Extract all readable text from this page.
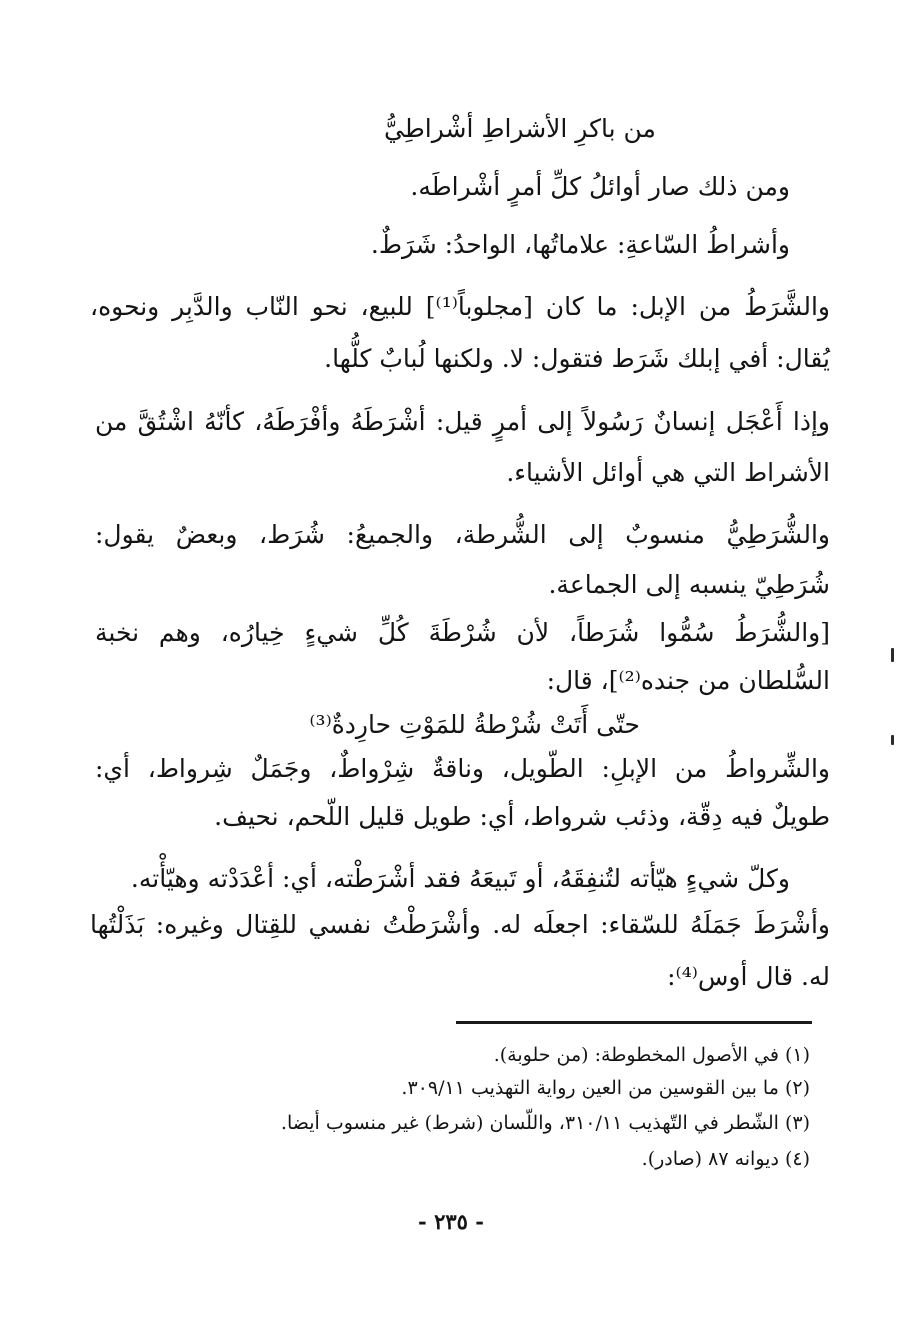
من باكرِ الأشراطِ أشْراطِيُّ
ومن ذلك صار أوائلُ كلِّ أمرٍ أشْراطَه.
وأشراطُ السّاعةِ: علاماتُها، الواحدُ: شَرَطٌ.
والشَّرَطُ من الإبل: ما كان [مجلوباً⁽¹⁾] للبيع، نحو النّاب والدَّبِر ونحوه،
يُقال: أفي إبلك شَرَط فتقول: لا. ولكنها لُبابٌ كلُّها.
وإذا أَعْجَل إنسانٌ رَسُولاً إلى أمرٍ قيل: أشْرَطَهُ وأفْرَطَهُ، كأنّهُ اشْتُقَّ من
الأشراط التي هي أوائل الأشياء.
والشُّرَطِيُّ منسوبٌ إلى الشُّرطة، والجميعُ: شُرَط، وبعضٌ يقول:
شُرَطِيّ ينسبه إلى الجماعة.
[والشُّرَطُ سُمُّوا شُرَطاً، لأن شُرْطَةَ كُلِّ شيءٍ خِيارُه، وهم نخبة
السُّلطان من جنده⁽²⁾]، قال:
حتّى أَتَتْ شُرْطةُ للمَوْتِ حارِدةٌ⁽³⁾
والشِّرواطُ من الإبلِ: الطّويل، وناقةٌ شِرْواطٌ، وجَمَلٌ شِرواط، أي:
طويلٌ فيه دِقّة، وذئب شرواط، أي: طويل قليل اللّحم، نحيف.
وكلّ شيءٍ هيّأته لتُنفِقَهُ، أو تَبيعَهُ فقد أشْرَطْته، أي: أعْدَدْته وهيّأْته.
وأشْرَطَ جَمَلَهُ للسّقاء: اجعلَه له. وأشْرَطْتُ نفسي للقِتال وغيره: بَذَلْتُها
له. قال أوس⁽⁴⁾:
(١) في الأصول المخطوطة: (من حلوبة).
(٢) ما بين القوسين من العين رواية التهذيب ٣٠٩/١١.
(٣) الشّطر في التّهذيب ٣١٠/١١، واللّسان (شرط) غير منسوب أيضا.
(٤) ديوانه ٨٧ (صادر).
- ٢٣٥ -
